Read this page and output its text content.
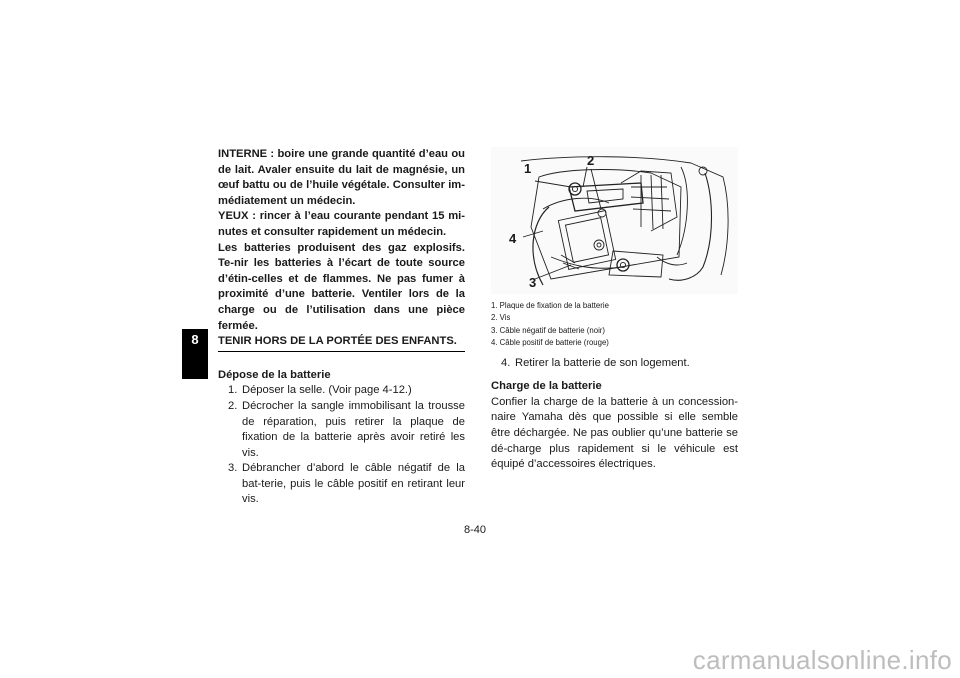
8

INTERNE : boire une grande quantité d’eau ou de lait. Avaler ensuite du lait de magnésie, un œuf battu ou de l’huile végétale. Consulter im-médiatement un médecin.

YEUX : rincer à l’eau courante pendant 15 mi-nutes et consulter rapidement un médecin.

Les batteries produisent des gaz explosifs. Te-nir les batteries à l’écart de toute source d’étin-celles et de flammes. Ne pas fumer à proximité d’une batterie. Ventiler lors de la charge ou de l’utilisation dans une pièce fermée.

TENIR HORS DE LA PORTÉE DES ENFANTS.

Dépose de la batterie
1. Déposer la selle. (Voir page 4-12.)
2. Décrocher la sangle immobilisant la trousse de réparation, puis retirer la plaque de fixation de la batterie après avoir retiré les vis.
3. Débrancher d’abord le câble négatif de la bat-terie, puis le câble positif en retirant leur vis.
1
2
3
4
1. Plaque de fixation de la batterie
2. Vis
3. Câble négatif de batterie (noir)
4. Câble positif de batterie (rouge)
4. Retirer la batterie de son logement.
Charge de la batterie
Confier la charge de la batterie à un concession-naire Yamaha dès que possible si elle semble être déchargée. Ne pas oublier qu’une batterie se dé-charge plus rapidement si le véhicule est équipé d’accessoires électriques.
8-40
carmanualsonline.info
